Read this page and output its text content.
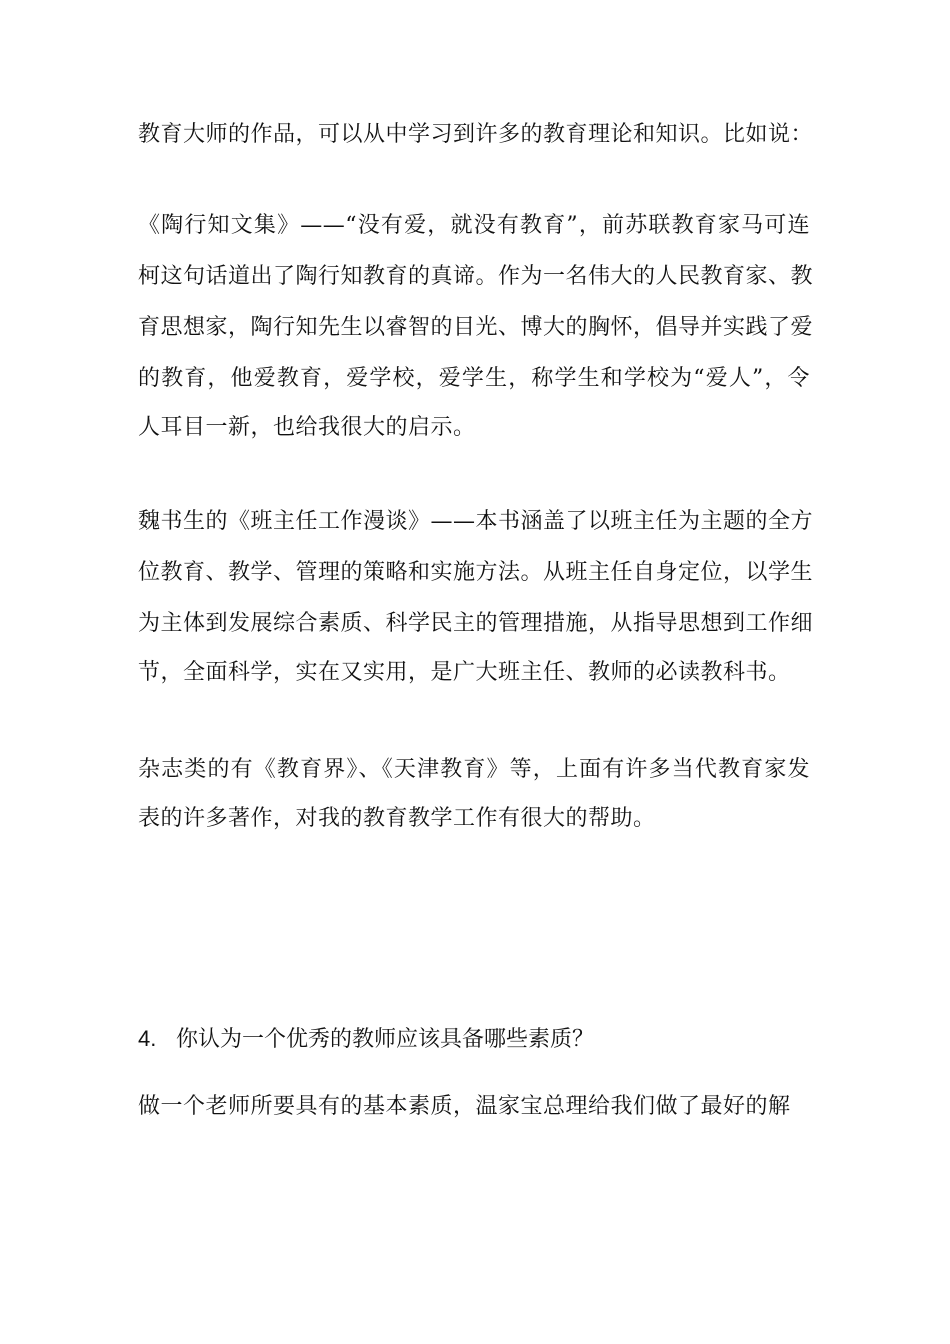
教育大师的作品，可以从中学习到许多的教育理论和知识。比如说：
《陶行知文集》——“没有爱，就没有教育”，前苏联教育家马可连
柯这句话道出了陶行知教育的真谛。作为一名伟大的人民教育家、教
育思想家，陶行知先生以睿智的目光、博大的胸怀，倡导并实践了爱
的教育，他爱教育，爱学校，爱学生，称学生和学校为“爱人”，令
人耳目一新，也给我很大的启示。
魏书生的《班主任工作漫谈》——本书涵盖了以班主任为主题的全方
位教育、教学、管理的策略和实施方法。从班主任自身定位，以学生
为主体到发展综合素质、科学民主的管理措施，从指导思想到工作细
节，全面科学，实在又实用，是广大班主任、教师的必读教科书。
杂志类的有《教育界》、《天津教育》等，上面有许多当代教育家发
表的许多著作，对我的教育教学工作有很大的帮助。
4. 你认为一个优秀的教师应该具备哪些素质？
做一个老师所要具有的基本素质，温家宝总理给我们做了最好的解
